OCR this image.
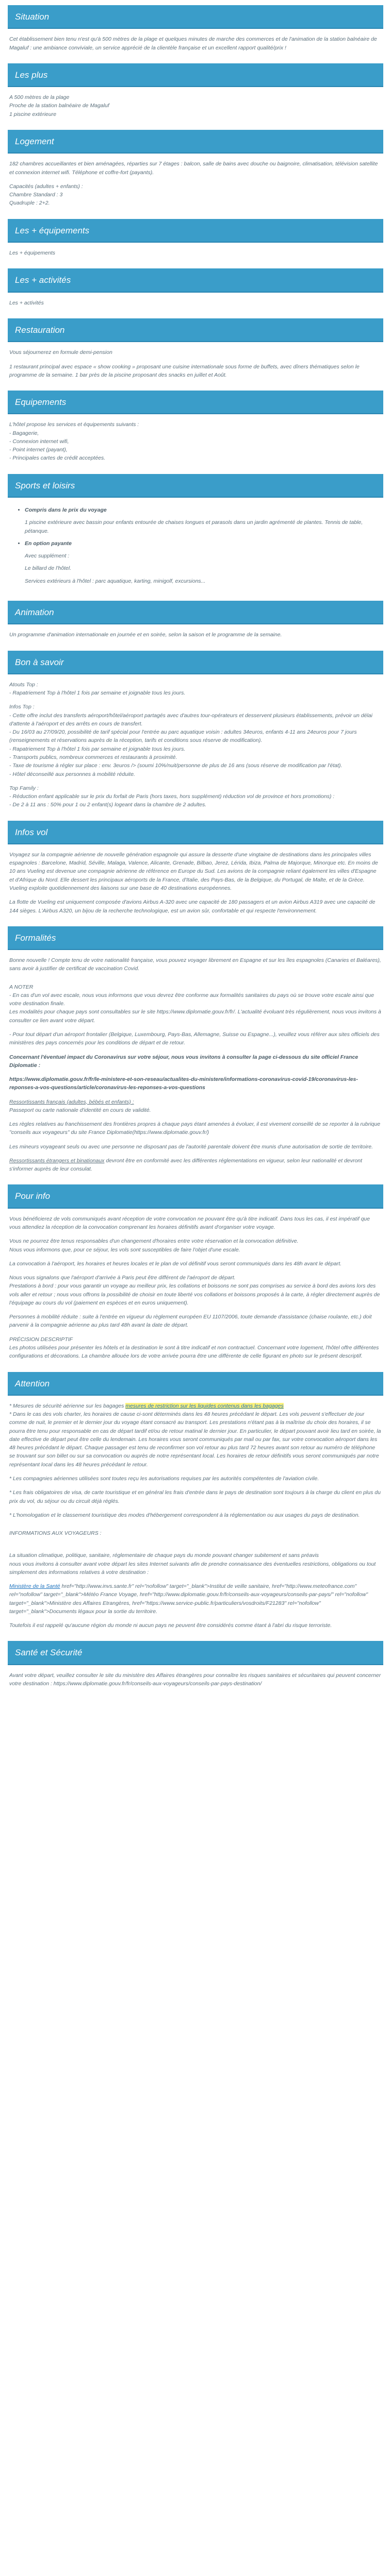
Situation

Cet établissement bien tenu n'est qu'à 500 mètres de la plage et quelques minutes de marche des commerces et de l'animation de la station balnéaire de Magaluf : une ambiance conviviale, un service apprécié de la clientèle française et un excellent rapport qualité/prix !

Les plus
A 500 mètres de la plage
Proche de la station balnéaire de Magaluf
1 piscine extérieure
Logement

182 chambres accueillantes et bien aménagées, réparties sur 7 étages : balcon, salle de bains avec douche ou baignoire, climatisation, télévision satellite et connexion internet wifi. Téléphone et coffre-fort (payants).

Capacités (adultes + enfants) :
Chambre Standard : 3
Quadruple : 2+2.
Les + équipements

Les + équipements

Les + activités

Les + activités

Restauration

Vous séjournerez en formule demi-pension

1 restaurant principal avec espace « show cooking » proposant une cuisine internationale sous forme de buffets, avec dîners thématiques selon le programme de la semaine. 1 bar près de la piscine proposant des snacks en juillet et Août.

Equipements
L'hôtel propose les services et équipements suivants :
- Bagagerie,
- Connexion internet wifi,
- Point internet (payant),
- Principales cartes de crédit acceptées.
Sports et loisirs
• Compris dans le prix du voyage

1 piscine extérieure avec bassin pour enfants entourée de chaises longues et parasols dans un jardin agrémenté de plantes. Tennis de table, pétanque.

• En option payante

Avec supplément :

Le billard de l'hôtel.

Services extérieurs à l'hôtel : parc aquatique, karting, minigolf, excursions...

Animation

Un programme d'animation internationale en journée et en soirée, selon la saison et le programme de la semaine.

Bon à savoir

Atouts Top :
- Rapatriement Top à l'hôtel 1 fois par semaine et joignable tous les jours.

Infos Top :
- Cette offre inclut des transferts aéroport/hôtel/aéroport partagés avec d'autres tour-opérateurs et desservent plusieurs établissements, prévoir un délai d'attente à l'aéroport et des arrêts en cours de transfert.
- Du 16/03 au 27/09/20, possibilité de tarif spécial pour l'entrée au parc aquatique voisin : adultes 34euros, enfants 4-11 ans 24euros pour 7 jours (renseignements et réservations auprès de la réception, tarifs et conditions sous réserve de modification).
- Rapatriement Top à l'hôtel 1 fois par semaine et joignable tous les jours.
- Transports publics, nombreux commerces et restaurants à proximité.
- Taxe de tourisme à régler sur place : env. 3euros /> (soumi 10%/nuit/personne de plus de 16 ans (sous réserve de modification par l'état).
- Hôtel déconseillé aux personnes à mobilité réduite.

Top Family :
- Réduction enfant applicable sur le prix du forfait de Paris (hors taxes, hors supplément) réduction vol de province et hors promotions) :
- De 2 à 11 ans : 50% pour 1 ou 2 enfant(s) logeant dans la chambre de 2 adultes.

Infos vol

Voyagez sur la compagnie aérienne de nouvelle génération espagnole qui assure la desserte d'une vingtaine de destinations dans les principales villes espagnoles : Barcelone, Madrid, Séville, Malaga, Valence, Alicante, Grenade, Bilbao, Jerez, Lérida, Ibiza, Palma de Majorque, Minorque etc. En moins de 10 ans Vueling est devenue une compagnie aérienne de référence en Europe du Sud. Les avions de la compagnie reliant également les villes d'Espagne et d'Afrique du Nord. Elle dessert les principaux aéroports de la France, d'Italie, des Pays-Bas, de la Belgique, du Portugal, de Malte, et de la Grèce. Vueling exploite quotidiennement des liaisons sur une base de 40 destinations européennes.

La flotte de Vueling est uniquement composée d'avions Airbus A-320 avec une capacité de 180 passagers et un avion Airbus A319 avec une capacité de 144 sièges. L'Airbus A320, un bijou de la recherche technologique, est un avion sûr, confortable et qui respecte l'environnement.

Formalités

Bonne nouvelle ! Compte tenu de votre nationalité française, vous pouvez voyager librement en Espagne et sur les îles espagnoles (Canaries et Baléares), sans avoir à justifier de certificat de vaccination Covid.

A NOTER
- En cas d'un vol avec escale, nous vous informons que vous devrez être conforme aux formalités sanitaires du pays où se trouve votre escale ainsi que votre destination finale.

Les modalités pour chaque pays sont consultables sur le site https://www.diplomatie.gouv.fr/fr/. L'actualité évoluant très régulièrement, nous vous invitons à consulter ce lien avant votre départ.

- Pour tout départ d'un aéroport frontalier (Belgique, Luxembourg, Pays-Bas, Allemagne, Suisse ou Espagne...), veuillez vous référer aux sites officiels des ministères des pays concernés pour les conditions de départ et de retour.

Concernant l'éventuel impact du Coronavirus sur votre séjour, nous vous invitons à consulter la page ci-dessous du site officiel France Diplomatie :

https://www.diplomatie.gouv.fr/fr/le-ministere-et-son-reseau/actualites-du-ministere/informations-coronavirus-covid-19/coronavirus-les-reponses-a-vos-questions/article/coronavirus-les-reponses-a-vos-questions

Ressortissants français (adultes, bébés et enfants) :

Passeport ou carte nationale d'identité en cours de validité.

Les règles relatives au franchissement des frontières propres à chaque pays étant amenées à évoluer, il est vivement conseillé de se reporter à la rubrique "conseils aux voyageurs" du site France Diplomatie(https://www.diplomatie.gouv.fr/)

Les mineurs voyageant seuls ou avec une personne ne disposant pas de l'autorité parentale doivent être munis d'une autorisation de sortie de territoire.

Ressortissants étrangers et binationaux devront être en conformité avec les différentes réglementations en vigueur, selon leur nationalité et devront s'informer auprès de leur consulat.

Pour info

Vous bénéficierez de vols communiqués avant réception de votre convocation ne pouvant être qu'à titre indicatif. Dans tous les cas, il est impératif que vous attendiez la réception de la convocation comprenant les horaires définitifs avant d'organiser votre voyage.

Vous ne pourrez être tenus responsables d'un changement d'horaires entre votre réservation et la convocation définitive.

Nous vous informons que, pour ce séjour, les vols sont susceptibles de faire l'objet d'une escale.

La convocation à l'aéroport, les horaires et heures locales et le plan de vol définitif vous seront communiqués dans les 48h avant le départ.

Nous vous signalons que l'aéroport d'arrivée à Paris peut être différent de l'aéroport de départ.

Prestations à bord : pour vous garantir un voyage au meilleur prix, les collations et boissons ne sont pas comprises au service à bord des avions lors des vols aller et retour ; nous vous offrons la possibilité de choisir en toute liberté vos collations et boissons proposés à la carte, à régler directement auprès de l'équipage au cours du vol (paiement en espèces et en euros uniquement).

Personnes à mobilité réduite : suite à l'entrée en vigueur du règlement européen EU 1107/2006, toute demande d'assistance (chaise roulante, etc.) doit parvenir à la compagnie aérienne au plus tard 48h avant la date de départ.

PRÉCISION DESCRIPTIF

Les photos utilisées pour présenter les hôtels et la destination le sont à titre indicatif et non contractuel. Concernant votre logement, l'hôtel offre différentes configurations et décorations. La chambre allouée lors de votre arrivée pourra être une différente de celle figurant en photo sur le présent descriptif.

Attention
* Mesures de sécurité aérienne sur les bagages mesures de restriction sur les liquides contenus dans les bagages

* Dans le cas des vols charter, les horaires de cause ci-sont déterminés dans les 48 heures précédant le départ. Les vols peuvent s'effectuer de jour comme de nuit, le premier et le dernier jour du voyage étant consacré au transport. Les prestations n'étant pas à la maîtrise du choix des horaires, il se pourra être tenu pour responsable en cas de départ tardif et/ou de retour matinal le dernier jour. En particulier, le départ pouvant avoir lieu tard en soirée, la date effective de départ peut être celle du lendemain. Les horaires vous seront communiqués par mail ou par fax, sur votre convocation aéroport dans les 48 heures précédant le départ. Chaque passager est tenu de reconfirmer son vol retour au plus tard 72 heures avant son retour au numéro de téléphone se trouvant sur son billet ou sur sa convocation ou auprès de notre représentant local. Les horaires de retour définitifs vous seront communiqués par notre représentant local dans les 48 heures précédant le retour.

* Les compagnies aériennes utilisées sont toutes reçu les autorisations requises par les autorités compétentes de l'aviation civile.

* Les frais obligatoires de visa, de carte touristique et en général les frais d'entrée dans le pays de destination sont toujours à la charge du client en plus du prix du vol, du séjour ou du circuit déjà réglés.

* L'homologation et le classement touristique des modes d'hébergement correspondent à la réglementation ou aux usages du pays de destination.

INFORMATIONS AUX VOYAGEURS :

La situation climatique, politique, sanitaire, réglementaire de chaque pays du monde pouvant changer subitement et sans préavis
nous vous invitons à consulter avant votre départ les sites Internet suivants afin de prendre connaissance des éventuelles restrictions, obligations ou tout simplement des informations relatives à votre destination :

Ministère de la Santé href="http://www.invs.sante.fr" rel="nofollow" target="_blank">Institut de veille sanitaire, href="http://www.meteofrance.com" rel="nofollow" target="_blank">Météo France Voyage, href="http://www.diplomatie.gouv.fr/fr/conseils-aux-voyageurs/conseils-par-pays/" rel="nofollow" target="_blank">Ministère des Affaires Etrangères, href="https://www.service-public.fr/particuliers/vosdroits/F21283" rel="nofollow" target="_blank">Documents légaux pour la sortie du territoire.

Toutefois il est rappelé qu'aucune région du monde ni aucun pays ne peuvent être considérés comme étant à l'abri du risque terroriste.

Santé et Sécurité

Avant votre départ, veuillez consulter le site du ministère des Affaires étrangères pour connaître les risques sanitaires et sécuritaires qui peuvent concerner votre destination : https://www.diplomatie.gouv.fr/fr/conseils-aux-voyageurs/conseils-par-pays-destination/
